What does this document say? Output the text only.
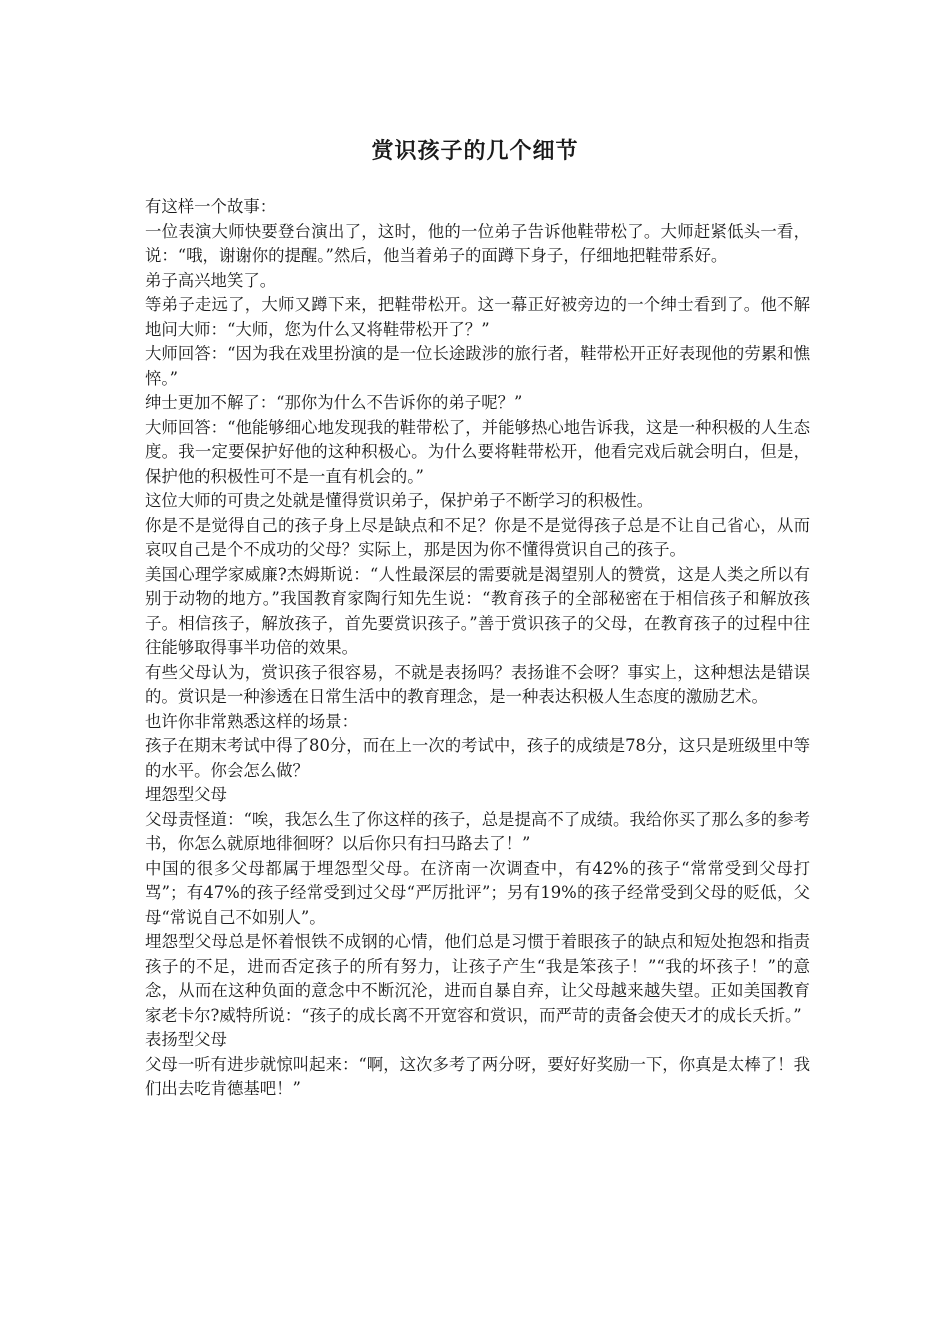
赏识孩子的几个细节

有这样一个故事：

一位表演大师快要登台演出了，这时，他的一位弟子告诉他鞋带松了。大师赶紧低头一看，说：“哦，谢谢你的提醒。”然后，他当着弟子的面蹲下身子，仔细地把鞋带系好。

弟子高兴地笑了。

等弟子走远了，大师又蹲下来，把鞋带松开。这一幕正好被旁边的一个绅士看到了。他不解地问大师：“大师，您为什么又将鞋带松开了？”

大师回答：“因为我在戏里扮演的是一位长途跋涉的旅行者，鞋带松开正好表现他的劳累和憔悴。”

绅士更加不解了：“那你为什么不告诉你的弟子呢？”

大师回答：“他能够细心地发现我的鞋带松了，并能够热心地告诉我，这是一种积极的人生态度。我一定要保护好他的这种积极心。为什么要将鞋带松开，他看完戏后就会明白，但是，保护他的积极性可不是一直有机会的。”

这位大师的可贵之处就是懂得赏识弟子，保护弟子不断学习的积极性。

你是不是觉得自己的孩子身上尽是缺点和不足？你是不是觉得孩子总是不让自己省心，从而哀叹自己是个不成功的父母？实际上，那是因为你不懂得赏识自己的孩子。

美国心理学家威廉?杰姆斯说：“人性最深层的需要就是渴望别人的赞赏，这是人类之所以有别于动物的地方。”我国教育家陶行知先生说：“教育孩子的全部秘密在于相信孩子和解放孩子。相信孩子，解放孩子，首先要赏识孩子。”善于赏识孩子的父母，在教育孩子的过程中往往能够取得事半功倍的效果。

有些父母认为，赏识孩子很容易，不就是表扬吗？表扬谁不会呀？事实上，这种想法是错误的。赏识是一种渗透在日常生活中的教育理念，是一种表达积极人生态度的激励艺术。

也许你非常熟悉这样的场景：

孩子在期末考试中得了80分，而在上一次的考试中，孩子的成绩是78分，这只是班级里中等的水平。你会怎么做？

埋怨型父母

父母责怪道：“唉，我怎么生了你这样的孩子，总是提高不了成绩。我给你买了那么多的参考书，你怎么就原地徘徊呀？以后你只有扫马路去了！”

中国的很多父母都属于埋怨型父母。在济南一次调查中，有42%的孩子“常常受到父母打骂”；有47%的孩子经常受到过父母“严厉批评”；另有19%的孩子经常受到父母的贬低，父母“常说自己不如别人”。

埋怨型父母总是怀着恨铁不成钢的心情，他们总是习惯于着眼孩子的缺点和短处抱怨和指责孩子的不足，进而否定孩子的所有努力，让孩子产生“我是笨孩子！”“我的坏孩子！”的意念，从而在这种负面的意念中不断沉沦，进而自暴自弃，让父母越来越失望。正如美国教育家老卡尔?威特所说：“孩子的成长离不开宽容和赏识，而严苛的责备会使天才的成长夭折。”

表扬型父母

父母一听有进步就惊叫起来：“啊，这次多考了两分呀，要好好奖励一下，你真是太棒了！我们出去吃肯德基吧！”
